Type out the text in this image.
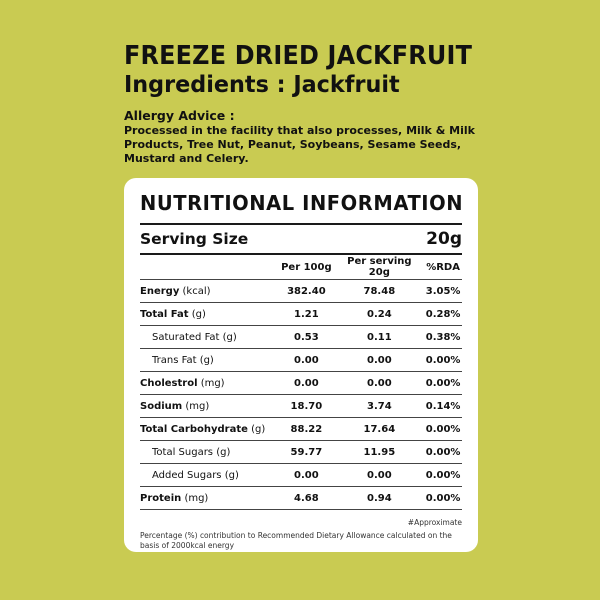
FREEZE DRIED JACKFRUIT
Ingredients : Jackfruit
Allergy Advice :
Processed in the facility that also processes, Milk & Milk Products, Tree Nut, Peanut, Soybeans, Sesame Seeds, Mustard and Celery.
NUTRITIONAL INFORMATION
Serving Size	20g
	Per 100g	Per serving 20g	%RDA
Energy (kcal)	382.40	78.48	3.05%
Total Fat (g)	1.21	0.24	0.28%
Saturated Fat (g)	0.53	0.11	0.38%
Trans Fat (g)	0.00	0.00	0.00%
Cholestrol (mg)	0.00	0.00	0.00%
Sodium (mg)	18.70	3.74	0.14%
Total Carbohydrate (g)	88.22	17.64	0.00%
Total Sugars (g)	59.77	11.95	0.00%
Added Sugars (g)	0.00	0.00	0.00%
Protein (mg)	4.68	0.94	0.00%
#Approximate
Percentage (%) contribution to Recommended Dietary Allowance calculated on the basis of 2000kcal energy
